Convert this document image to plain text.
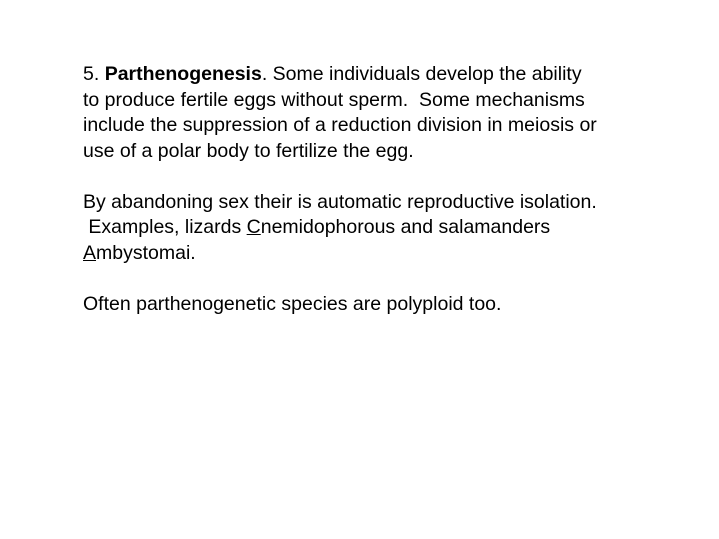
5. Parthenogenesis. Some individuals develop the ability
to produce fertile eggs without sperm.  Some mechanisms
include the suppression of a reduction division in meiosis or
use of a polar body to fertilize the egg.

By abandoning sex their is automatic reproductive isolation.
Examples, lizards Cnemidophorous and salamanders
Ambystomai.

Often parthenogenetic species are polyploid too.
